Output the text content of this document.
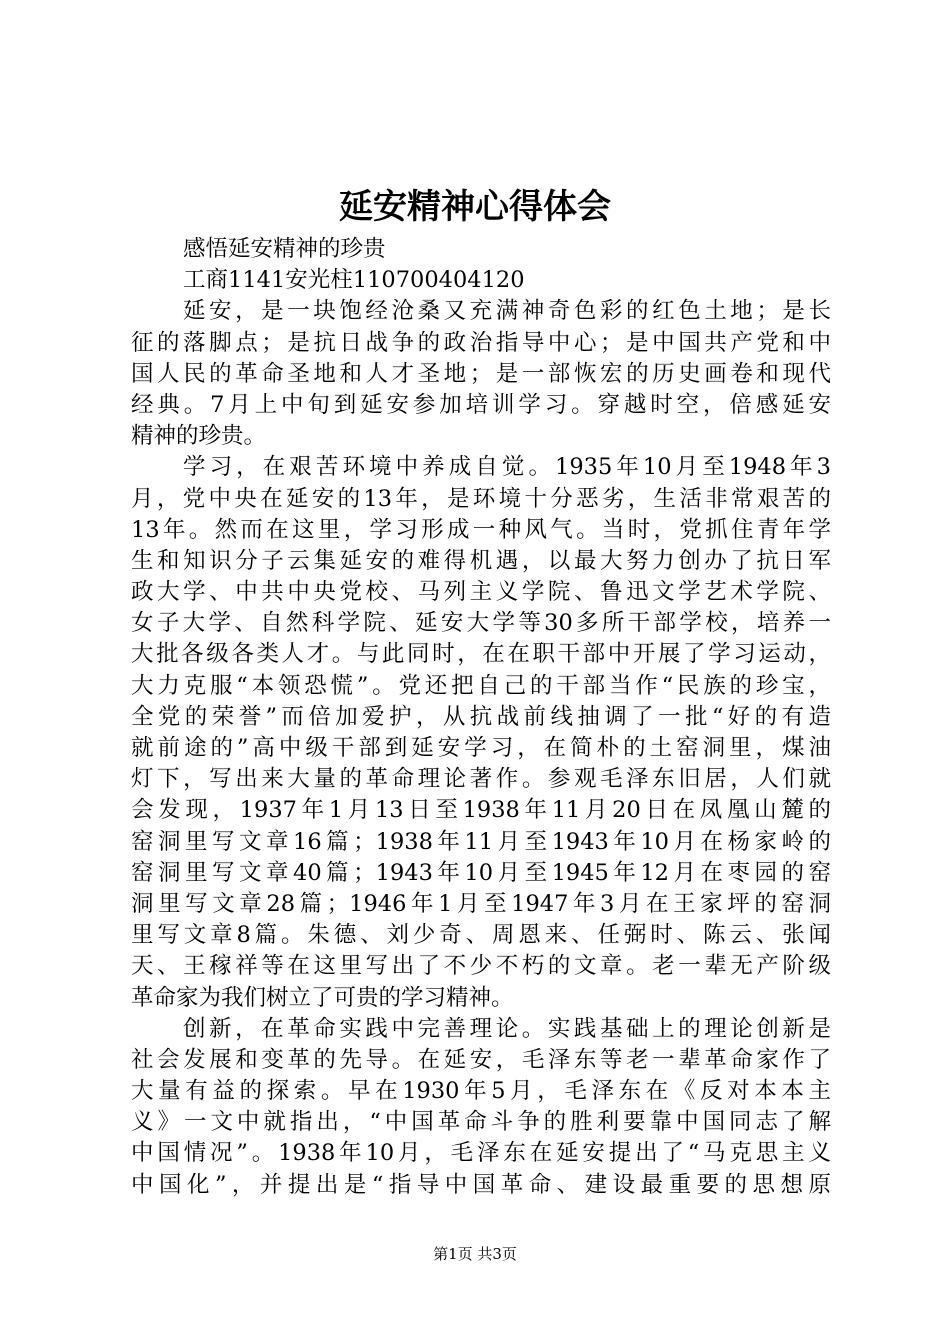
延安精神心得体会
感悟延安精神的珍贵
工商1141安光柱110700404120
延安，是一块饱经沧桑又充满神奇色彩的红色土地；是长
征的落脚点；是抗日战争的政治指导中心；是中国共产党和中
国人民的革命圣地和人才圣地；是一部恢宏的历史画卷和现代
经典。7月上中旬到延安参加培训学习。穿越时空，倍感延安
精神的珍贵。
学习，在艰苦环境中养成自觉。1935年10月至1948年3
月，党中央在延安的13年，是环境十分恶劣，生活非常艰苦的
13年。然而在这里，学习形成一种风气。当时，党抓住青年学
生和知识分子云集延安的难得机遇，以最大努力创办了抗日军
政大学、中共中央党校、马列主义学院、鲁迅文学艺术学院、
女子大学、自然科学院、延安大学等30多所干部学校，培养一
大批各级各类人才。与此同时，在在职干部中开展了学习运动，
大力克服“本领恐慌”。党还把自己的干部当作“民族的珍宝，
全党的荣誉”而倍加爱护，从抗战前线抽调了一批“好的有造
就前途的”高中级干部到延安学习，在简朴的土窑洞里，煤油
灯下，写出来大量的革命理论著作。参观毛泽东旧居，人们就
会发现，1937年1月13日至1938年11月20日在凤凰山麓的
窑洞里写文章16篇；1938年11月至1943年10月在杨家岭的
窑洞里写文章40篇；1943年10月至1945年12月在枣园的窑
洞里写文章28篇；1946年1月至1947年3月在王家坪的窑洞
里写文章8篇。朱德、刘少奇、周恩来、任弼时、陈云、张闻
天、王稼祥等在这里写出了不少不朽的文章。老一辈无产阶级
革命家为我们树立了可贵的学习精神。
创新，在革命实践中完善理论。实践基础上的理论创新是
社会发展和变革的先导。在延安，毛泽东等老一辈革命家作了
大量有益的探索。早在1930年5月，毛泽东在《反对本本主
义》一文中就指出，“中国革命斗争的胜利要靠中国同志了解
中国情况”。1938年10月，毛泽东在延安提出了“马克思主义
中国化”，并提出是“指导中国革命、建设最重要的思想原
第1页 共3页
